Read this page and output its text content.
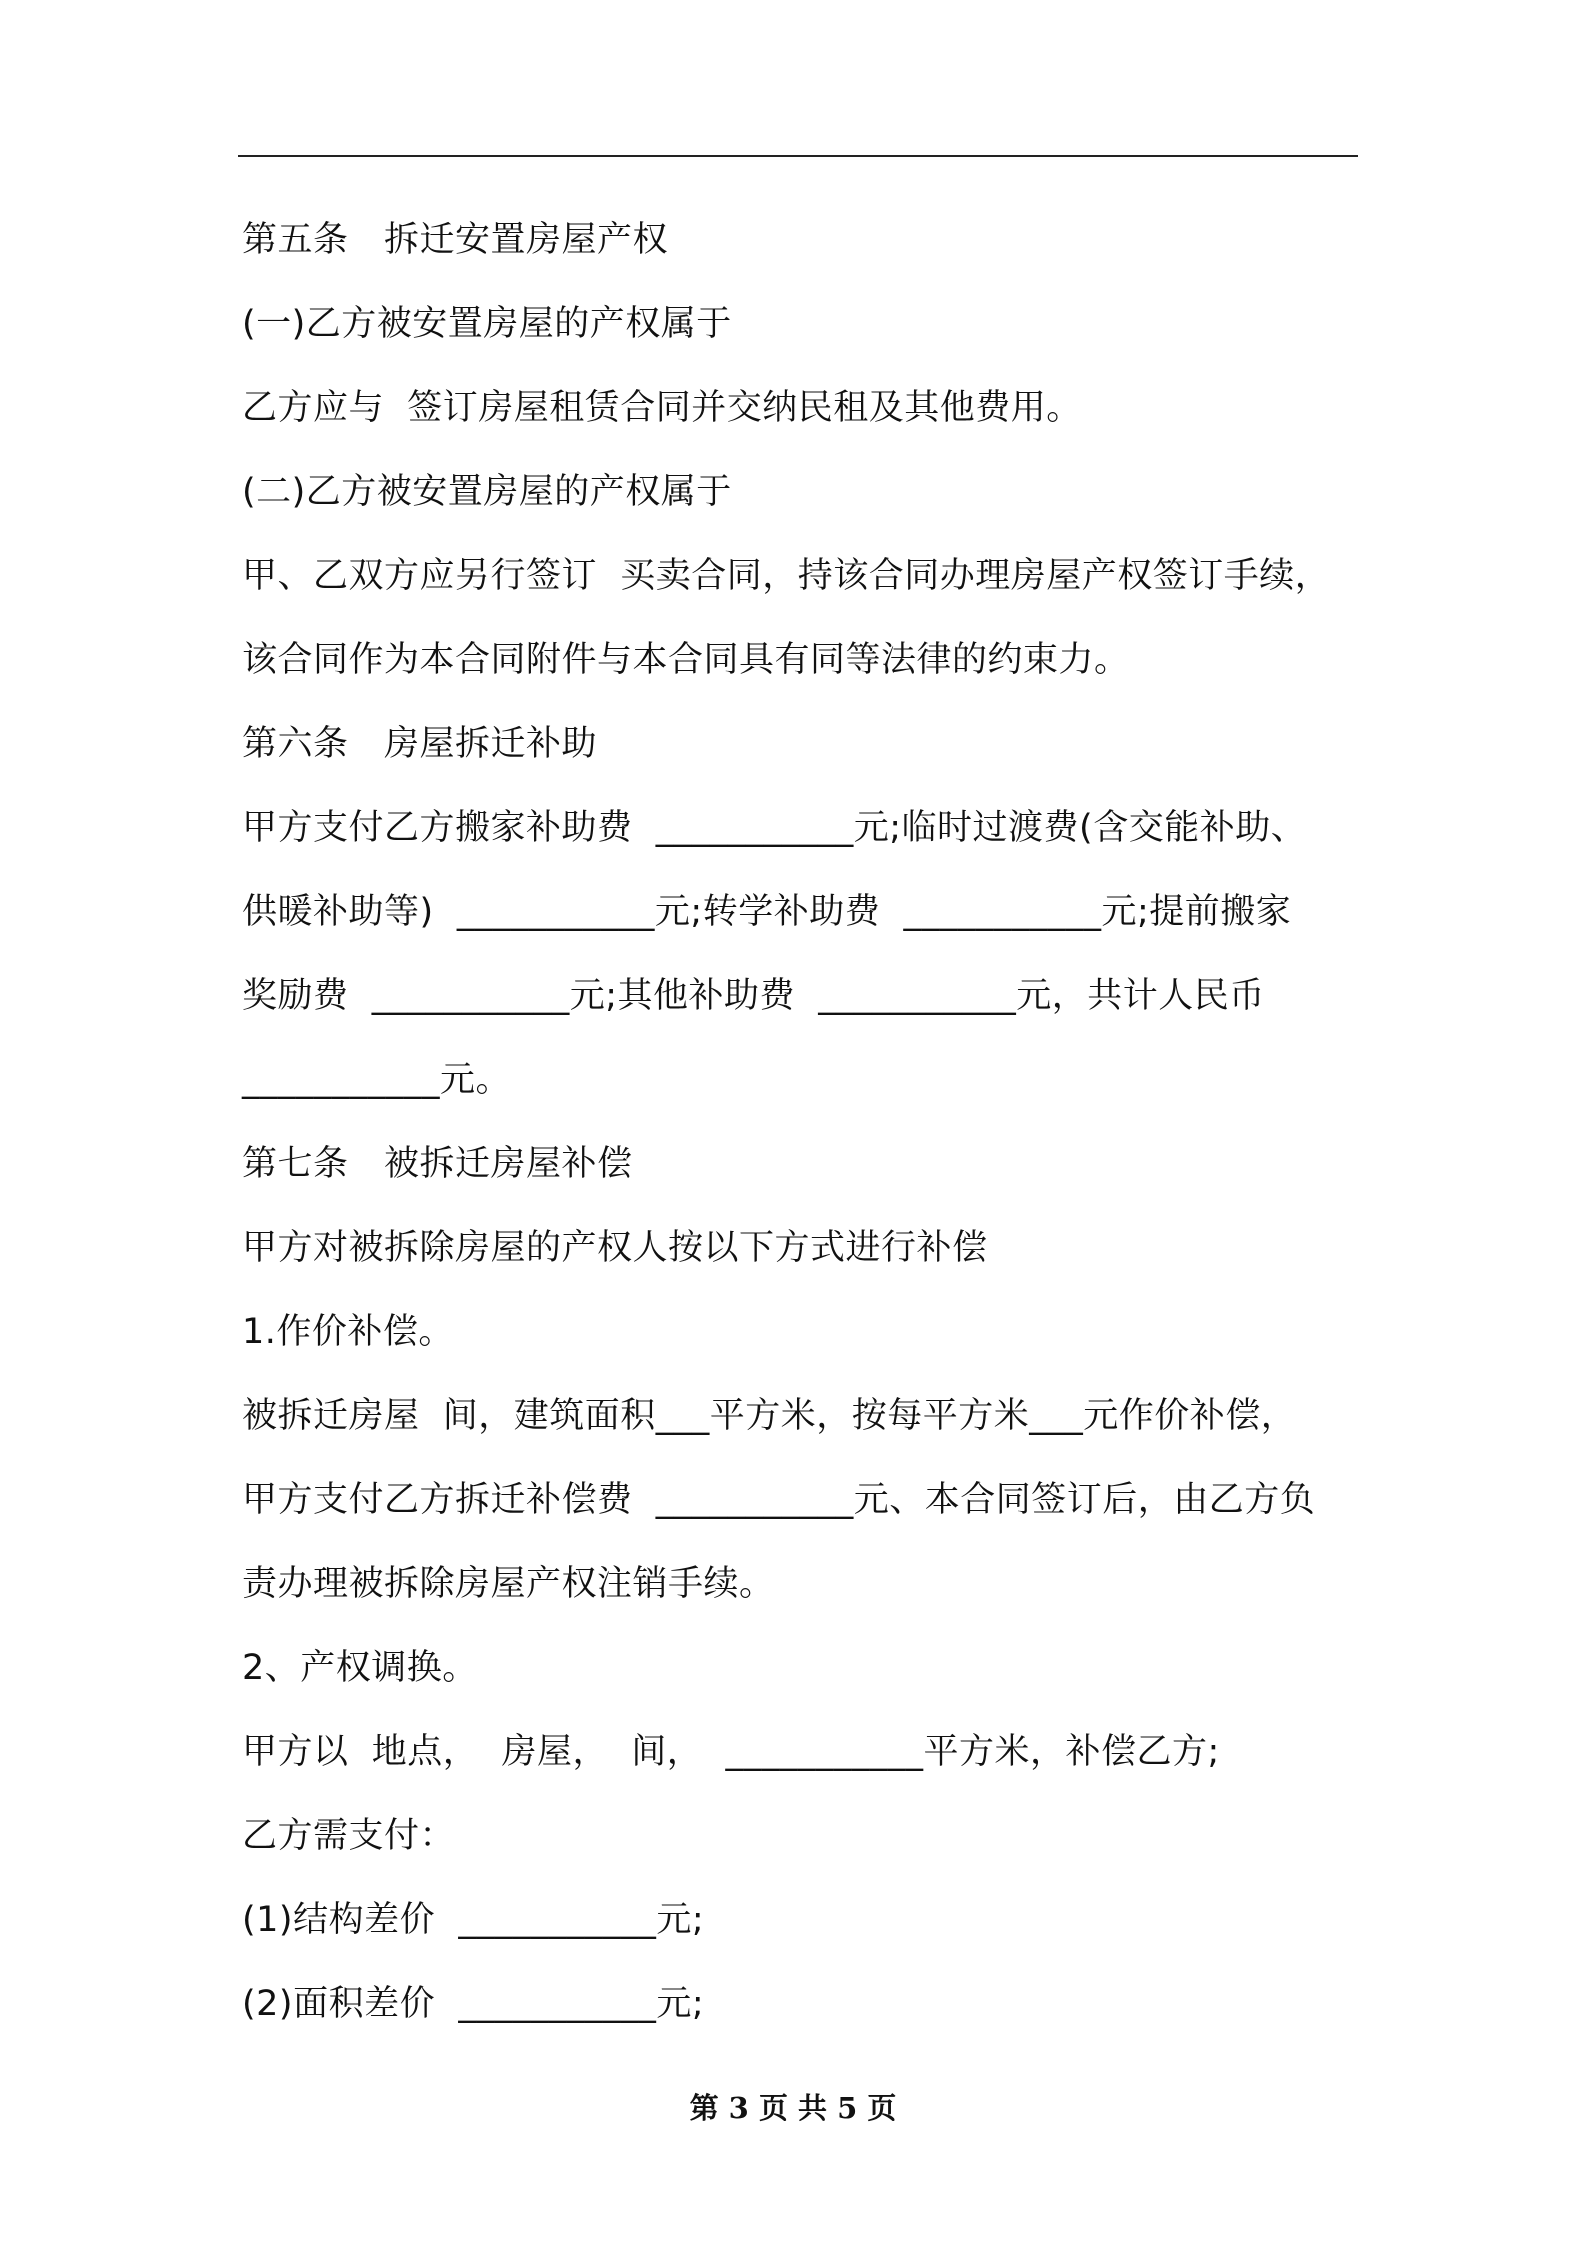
第五条　拆迁安置房屋产权
(一)乙方被安置房屋的产权属于
乙方应与  签订房屋租赁合同并交纳民租及其他费用。
(二)乙方被安置房屋的产权属于
甲、乙双方应另行签订  买卖合同，持该合同办理房屋产权签订手续，
该合同作为本合同附件与本合同具有同等法律的约束力。
第六条　房屋拆迁补助
甲方支付乙方搬家补助费  ___________元;临时过渡费(含交能补助、
供暖补助等)  ___________元;转学补助费  ___________元;提前搬家
奖励费  ___________元;其他补助费  ___________元，共计人民币
___________元。
第七条　被拆迁房屋补偿
甲方对被拆除房屋的产权人按以下方式进行补偿
1.作价补偿。
被拆迁房屋  间，建筑面积___平方米，按每平方米___元作价补偿，
甲方支付乙方拆迁补偿费  ___________元、本合同签订后，由乙方负
责办理被拆除房屋产权注销手续。
2、产权调换。
甲方以  地点，  房屋，  间，  ___________平方米，补偿乙方;
乙方需支付：
(1)结构差价  ___________元;
(2)面积差价  ___________元;
第 3 页 共 5 页
